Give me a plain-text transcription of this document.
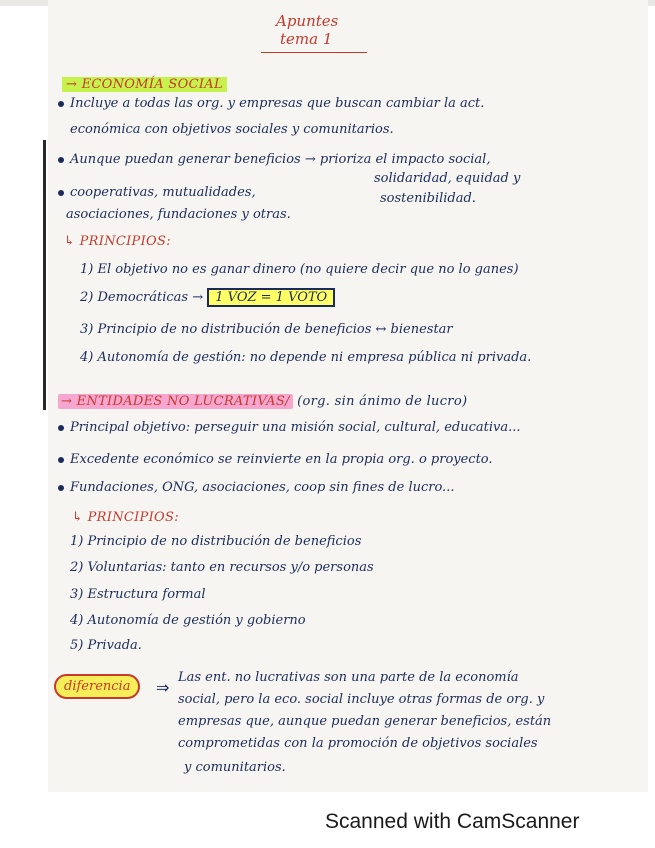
Apuntes
tema 1
→ ECONOMÍA SOCIAL
Incluye a todas las org. y empresas que buscan cambiar la act.
económica con objetivos sociales y comunitarios.
Aunque puedan generar beneficios → prioriza el impacto social,
solidaridad, equidad y
sostenibilidad.
cooperativas, mutualidades,
asociaciones, fundaciones y otras.
↳ PRINCIPIOS:
1) El objetivo no es ganar dinero (no quiere decir que no lo ganes)
2) Democráticas → 1 VOZ = 1 VOTO
3) Principio de no distribución de beneficios ↔ bienestar
4) Autonomía de gestión: no depende ni empresa pública ni privada.
→ ENTIDADES NO LUCRATIVAS/ (org. sin ánimo de lucro)
Principal objetivo: perseguir una misión social, cultural, educativa...
Excedente económico se reinvierte en la propia org. o proyecto.
Fundaciones, ONG, asociaciones, coop sin fines de lucro...
↳ PRINCIPIOS:
1) Principio de no distribución de beneficios
2) Voluntarias: tanto en recursos y/o personas
3) Estructura formal
4) Autonomía de gestión y gobierno
5) Privada.
diferencia	⇒
Las ent. no lucrativas son una parte de la economía
social, pero la eco. social incluye otras formas de org. y
empresas que, aunque puedan generar beneficios, están
comprometidas con la promoción de objetivos sociales
y comunitarios.
Scanned with CamScanner
